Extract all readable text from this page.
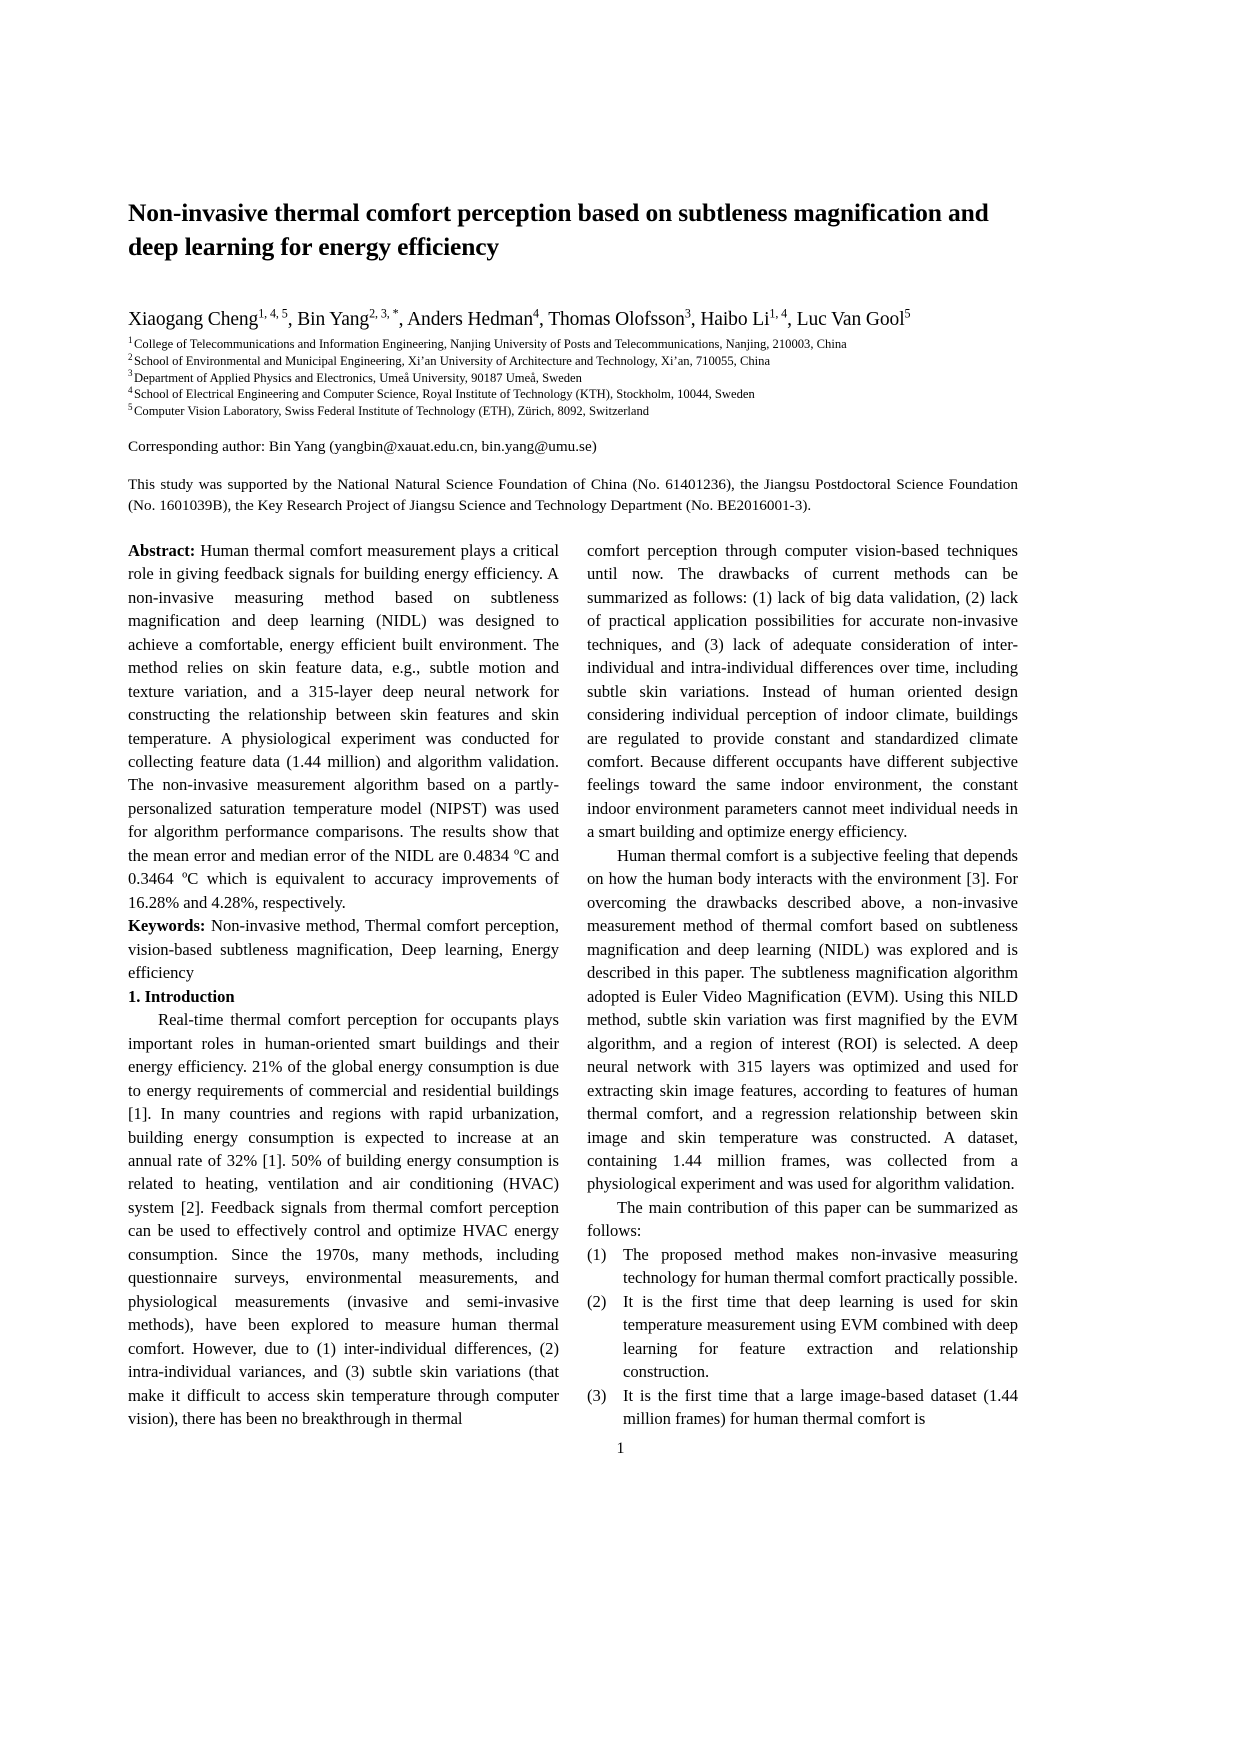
Non-invasive thermal comfort perception based on subtleness magnification and deep learning for energy efficiency
Xiaogang Cheng$^{1, 4, 5}$, Bin Yang$^{2, 3, *}$, Anders Hedman$^4$, Thomas Olofsson$^3$, Haibo Li$^{1, 4}$, Luc Van Gool$^5$
$^1$ College of Telecommunications and Information Engineering, Nanjing University of Posts and Telecommunications, Nanjing, 210003, China
$^2$ School of Environmental and Municipal Engineering, Xi’an University of Architecture and Technology, Xi’an, 710055, China
$^3$ Department of Applied Physics and Electronics, Umeå University, 90187 Umeå, Sweden
$^4$ School of Electrical Engineering and Computer Science, Royal Institute of Technology (KTH), Stockholm, 10044, Sweden
$^5$ Computer Vision Laboratory, Swiss Federal Institute of Technology (ETH), Zürich, 8092, Switzerland
Corresponding author: Bin Yang (yangbin@xauat.edu.cn, bin.yang@umu.se)
This study was supported by the National Natural Science Foundation of China (No. 61401236), the Jiangsu Postdoctoral Science Foundation (No. 1601039B), the Key Research Project of Jiangsu Science and Technology Department (No. BE2016001-3).

Abstract: Human thermal comfort measurement plays a critical role in giving feedback signals for building energy efficiency. A non-invasive measuring method based on subtleness magnification and deep learning (NIDL) was designed to achieve a comfortable, energy efficient built environment. The method relies on skin feature data, e.g., subtle motion and texture variation, and a 315-layer deep neural network for constructing the relationship between skin features and skin temperature. A physiological experiment was conducted for collecting feature data (1.44 million) and algorithm validation. The non-invasive measurement algorithm based on a partly-personalized saturation temperature model (NIPST) was used for algorithm performance comparisons. The results show that the mean error and median error of the NIDL are 0.4834 ºC and 0.3464 ºC which is equivalent to accuracy improvements of 16.28% and 4.28%, respectively.

Keywords: Non-invasive method, Thermal comfort perception, vision-based subtleness magnification, Deep learning, Energy efficiency

1. Introduction

Real-time thermal comfort perception for occupants plays important roles in human-oriented smart buildings and their energy efficiency. 21% of the global energy consumption is due to energy requirements of commercial and residential buildings [1]. In many countries and regions with rapid urbanization, building energy consumption is expected to increase at an annual rate of 32% [1]. 50% of building energy consumption is related to heating, ventilation and air conditioning (HVAC) system [2]. Feedback signals from thermal comfort perception can be used to effectively control and optimize HVAC energy consumption. Since the 1970s, many methods, including questionnaire surveys, environmental measurements, and physiological measurements (invasive and semi-invasive methods), have been explored to measure human thermal comfort. However, due to (1) inter-individual differences, (2) intra-individual variances, and (3) subtle skin variations (that make it difficult to access skin temperature through computer vision), there has been no breakthrough in thermal

comfort perception through computer vision-based techniques until now. The drawbacks of current methods can be summarized as follows: (1) lack of big data validation, (2) lack of practical application possibilities for accurate non-invasive techniques, and (3) lack of adequate consideration of inter-individual and intra-individual differences over time, including subtle skin variations. Instead of human oriented design considering individual perception of indoor climate, buildings are regulated to provide constant and standardized climate comfort. Because different occupants have different subjective feelings toward the same indoor environment, the constant indoor environment parameters cannot meet individual needs in a smart building and optimize energy efficiency.

Human thermal comfort is a subjective feeling that depends on how the human body interacts with the environment [3]. For overcoming the drawbacks described above, a non-invasive measurement method of thermal comfort based on subtleness magnification and deep learning (NIDL) was explored and is described in this paper. The subtleness magnification algorithm adopted is Euler Video Magnification (EVM). Using this NILD method, subtle skin variation was first magnified by the EVM algorithm, and a region of interest (ROI) is selected. A deep neural network with 315 layers was optimized and used for extracting skin image features, according to features of human thermal comfort, and a regression relationship between skin image and skin temperature was constructed. A dataset, containing 1.44 million frames, was collected from a physiological experiment and was used for algorithm validation.

The main contribution of this paper can be summarized as follows:

(1)	The proposed method makes non-invasive measuring technology for human thermal comfort practically possible.
(2)	It is the first time that deep learning is used for skin temperature measurement using EVM combined with deep learning for feature extraction and relationship construction.
(3)	It is the first time that a large image-based dataset (1.44 million frames) for human thermal comfort is
1
